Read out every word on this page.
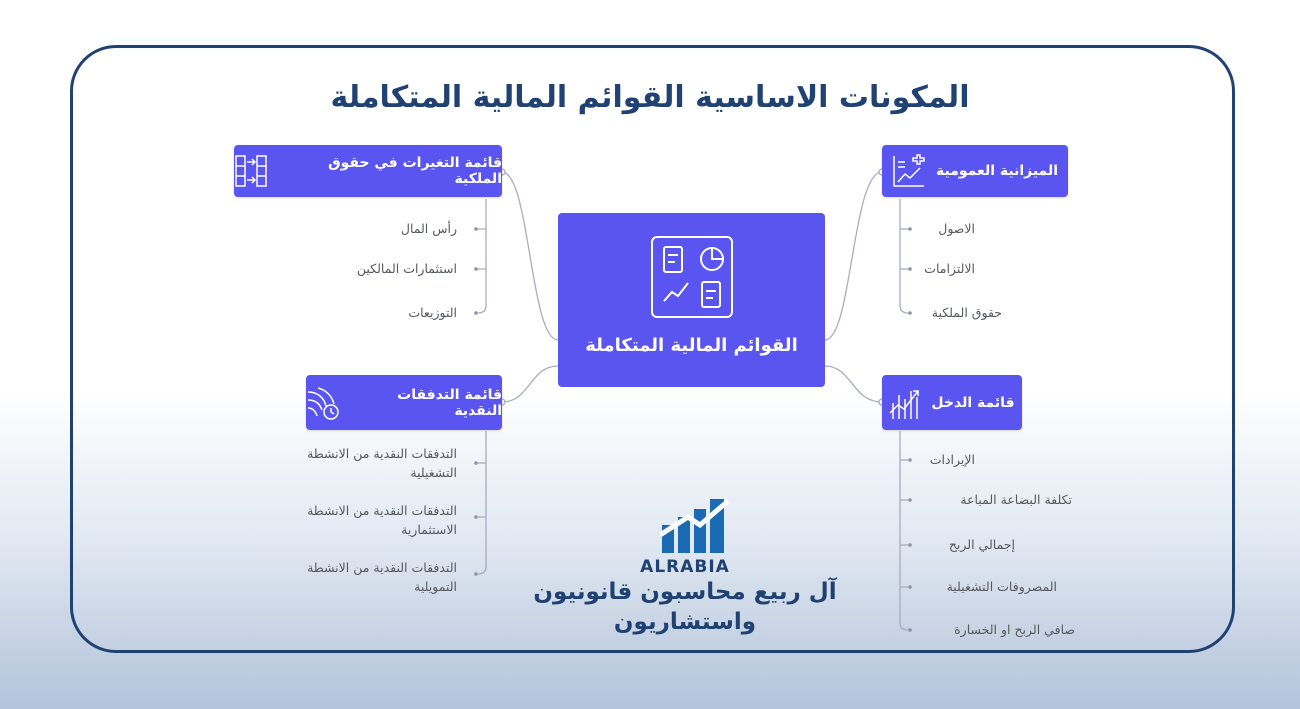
المكونات الاساسية القوائم المالية المتكاملة
القوائم المالية المتكاملة
الميزانية العمومية
الاصول
الالتزامات
حقوق الملكية
قائمة الدخل
الإيرادات
تكلفة البضاعة المباعة
إجمالي الربح
المصروفات التشغيلية
صافي الربح او الخسارة
قائمة التغيرات في حقوق الملكية
رأس المال
استثمارات المالكين
التوزيعات
قائمة التدفقات النقدية
التدفقات النقدية من الانشطة التشغيلية
التدفقات النقدية من الانشطة الاستثمارية
التدفقات النقدية من الانشطة التمويلية
ALRABIA
آل ربيع محاسبون قانونيون واستشاريون
